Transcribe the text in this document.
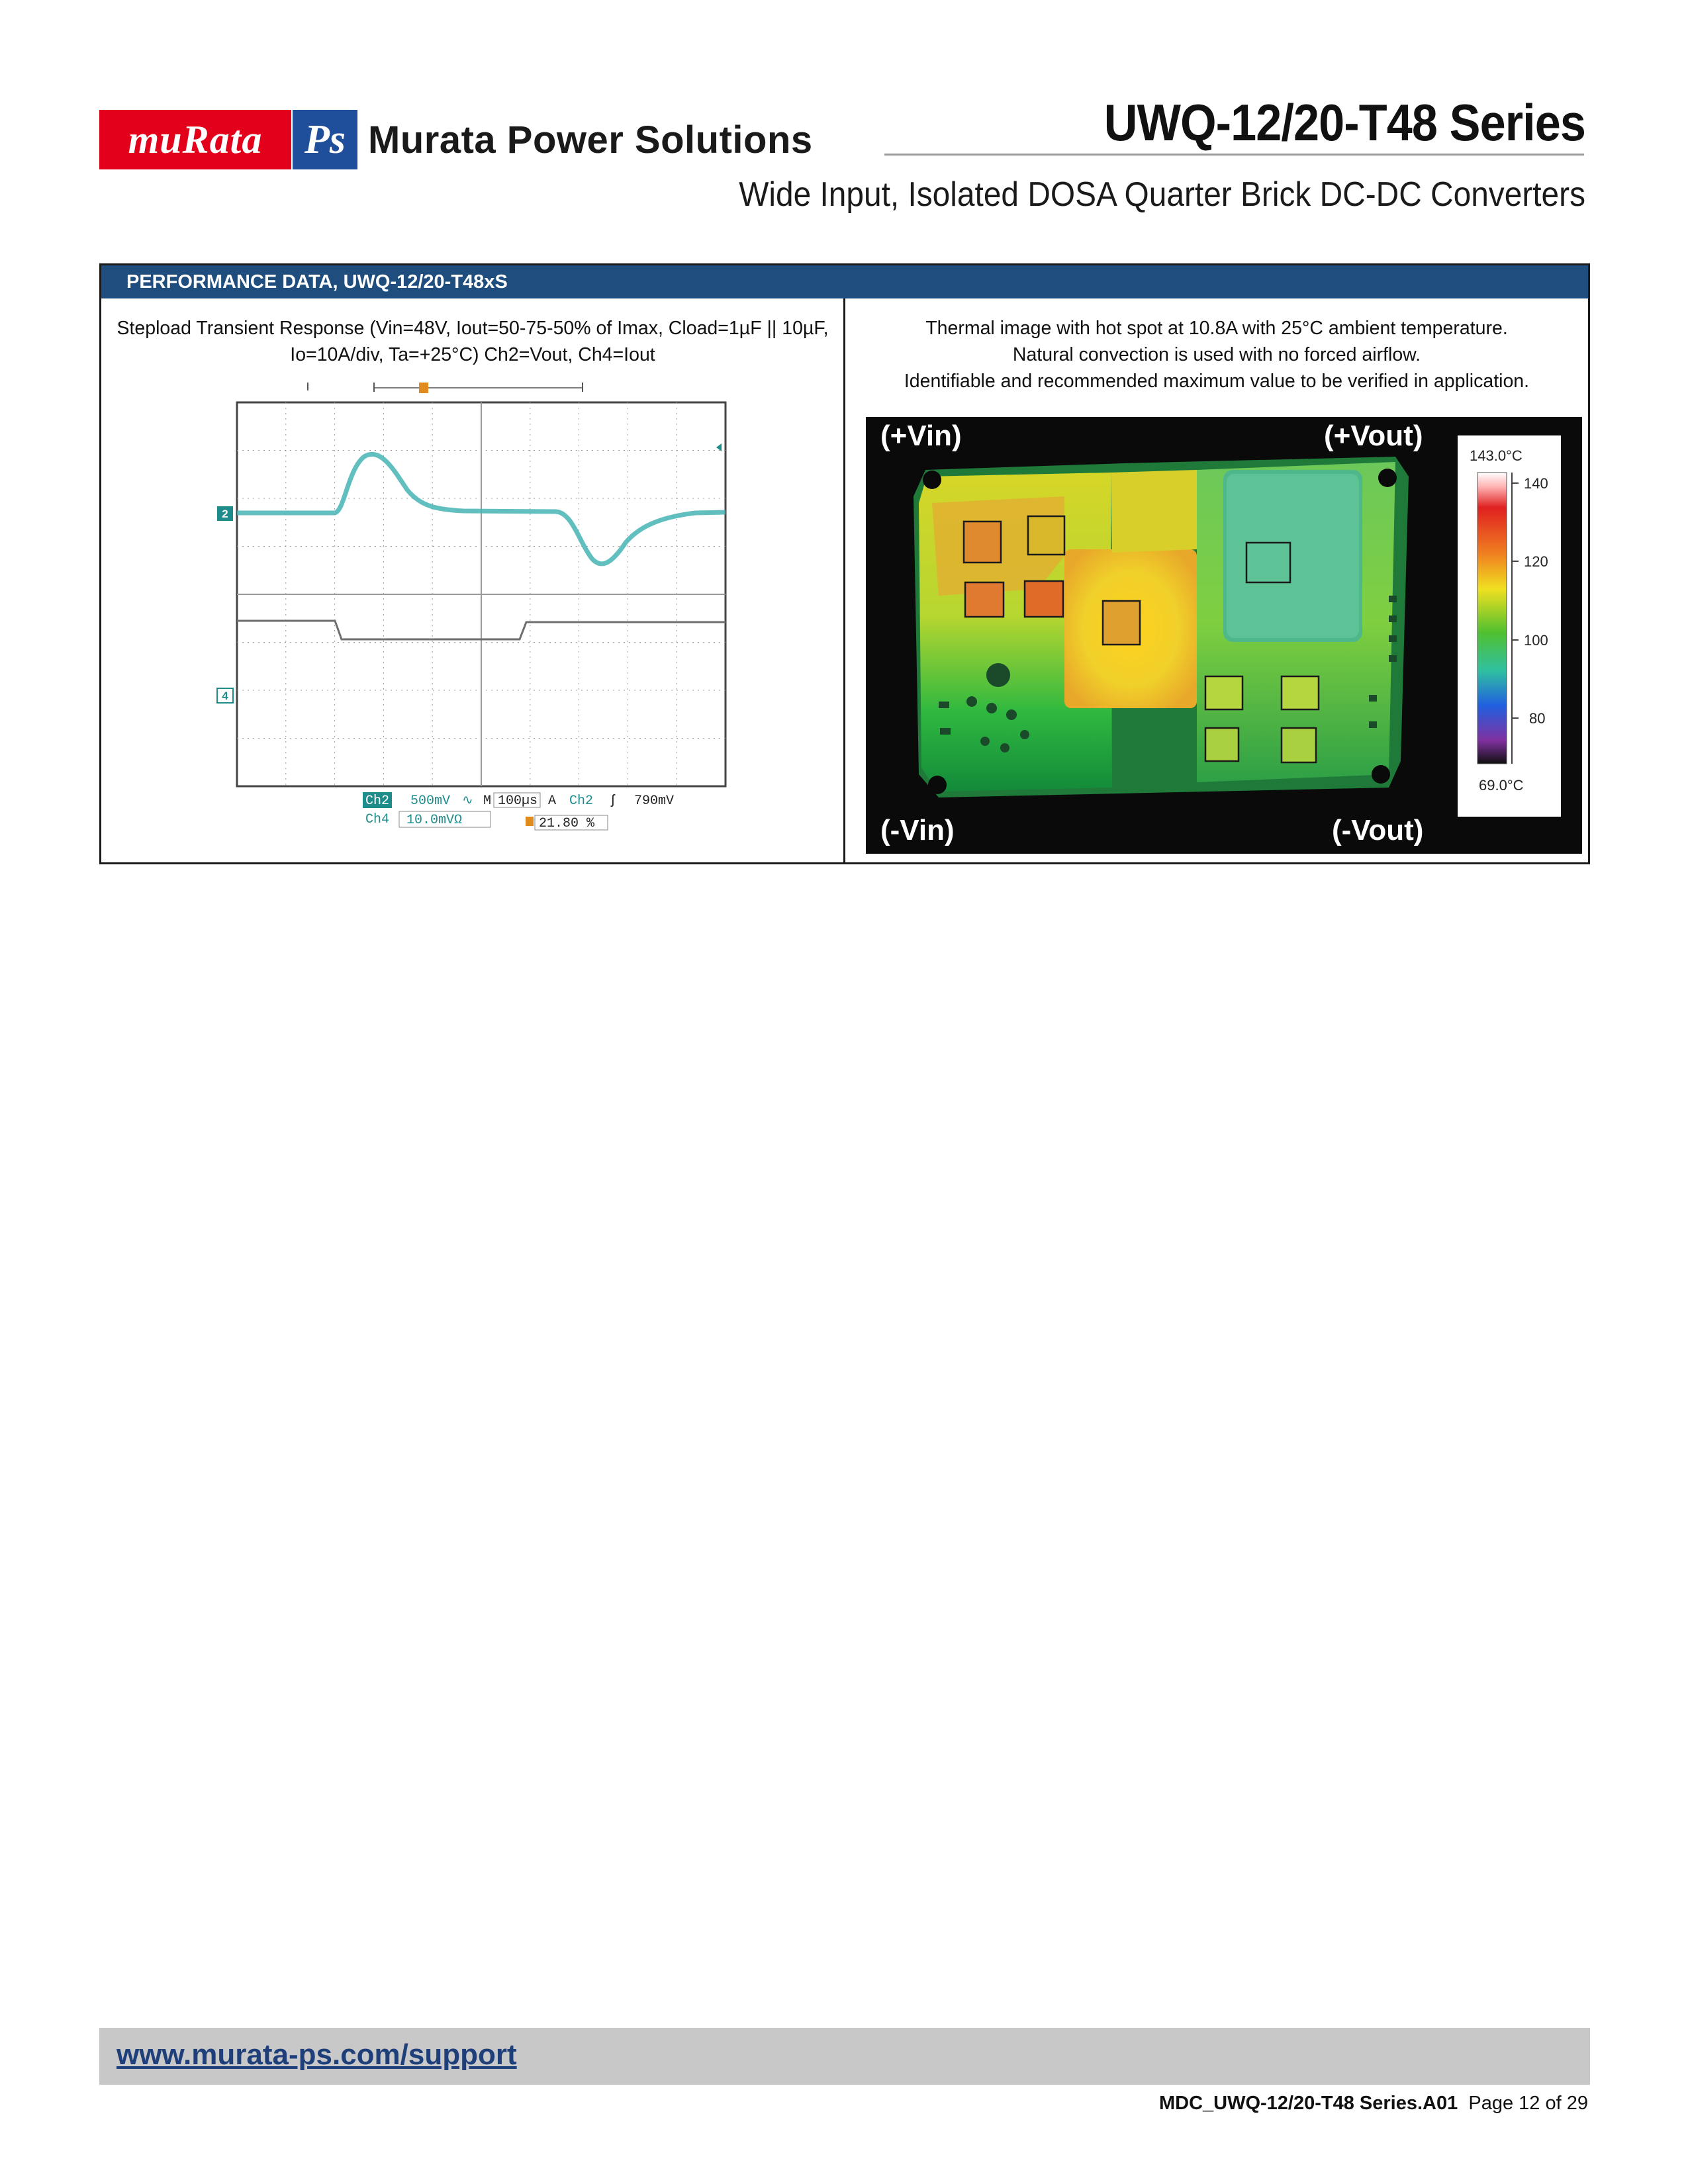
muRata	Ps Murata Power Solutions	UWQ-12/20-T48 Series
Wide Input, Isolated DOSA Quarter Brick DC-DC Converters
PERFORMANCE DATA, UWQ-12/20-T48xS
Stepload Transient Response (Vin=48V, Iout=50-75-50% of Imax, Cload=1µF || 10µF,
Io=10A/div, Ta=+25°C) Ch2=Vout, Ch4=Iout
Thermal image with hot spot at 10.8A with 25°C ambient temperature.
Natural convection is used with no forced airflow.
Identifiable and recommended maximum value to be verified in application.
2
4
Ch2 500mV ∿ M 100µs A Ch2 ʃ 790mV
Ch4 10.0mVΩ	21.80 %
(+Vin)	(+Vout)
(-Vin)	(-Vout)
143.0°C
140
120
100
80
69.0°C
www.murata-ps.com/support
MDC_UWQ-12/20-T48 Series.A01 Page 12 of 29
